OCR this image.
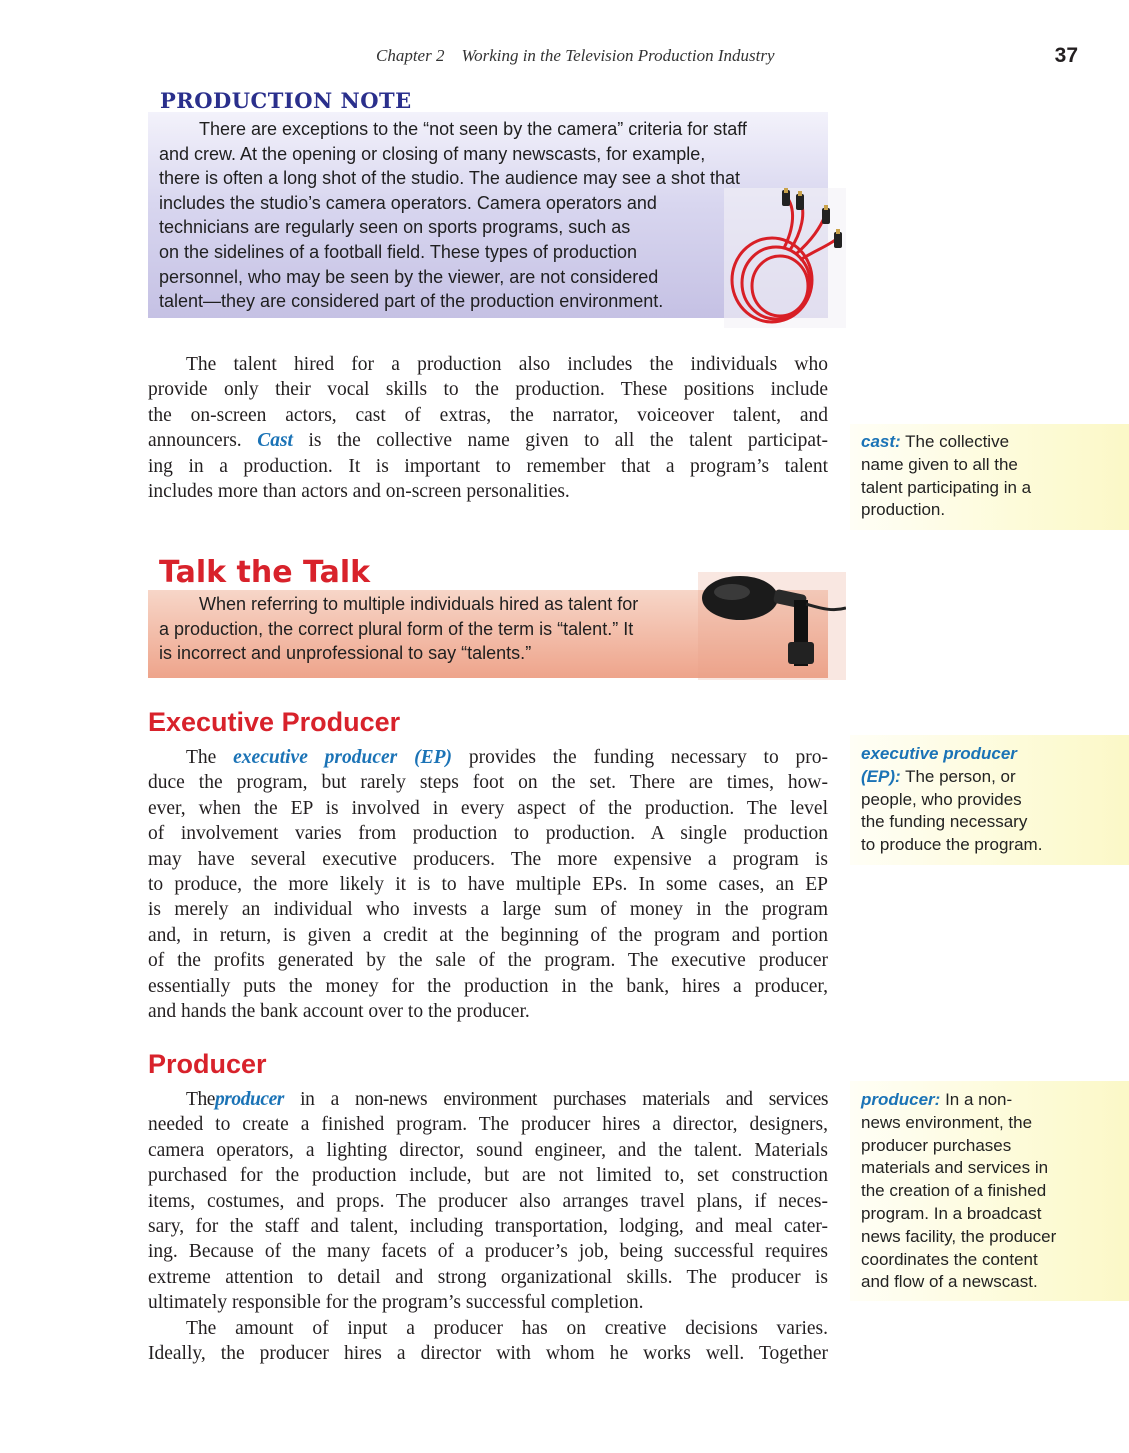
Chapter 2    Working in the Television Production Industry	37
PRODUCTION NOTE
There are exceptions to the “not seen by the camera” criteria for staff
and crew. At the opening or closing of many newscasts, for example,
there is often a long shot of the studio. The audience may see a shot that
includes the studio’s camera operators. Camera operators and
technicians are regularly seen on sports programs, such as
on the sidelines of a football field. These types of production
personnel, who may be seen by the viewer, are not considered
talent—they are considered part of the production environment.
The talent hired for a production also includes the individuals who
provide only their vocal skills to the production. These positions include
the on-screen actors, cast of extras, the narrator, voiceover talent, and
announcers. Cast is the collective name given to all the talent participat-
ing in a production. It is important to remember that a program’s talent
includes more than actors and on-screen personalities.
cast: The collective
name given to all the
talent participating in a
production.
Talk the Talk
When referring to multiple individuals hired as talent for
a production, the correct plural form of the term is “talent.” It
is incorrect and unprofessional to say “talents.”
Executive Producer
The executive producer (EP) provides the funding necessary to pro-
duce the program, but rarely steps foot on the set. There are times, how-
ever, when the EP is involved in every aspect of the production. The level
of involvement varies from production to production. A single production
may have several executive producers. The more expensive a program is
to produce, the more likely it is to have multiple EPs. In some cases, an EP
is merely an individual who invests a large sum of money in the program
and, in return, is given a credit at the beginning of the program and portion
of the profits generated by the sale of the program. The executive producer
essentially puts the money for the production in the bank, hires a producer,
and hands the bank account over to the producer.
executive producer
(EP): The person, or
people, who provides
the funding necessary
to produce the program.
Producer
Theproducer in a non-news environment purchases materials and services
needed to create a finished program. The producer hires a director, designers,
camera operators, a lighting director, sound engineer, and the talent. Materials
purchased for the production include, but are not limited to, set construction
items, costumes, and props. The producer also arranges travel plans, if neces-
sary, for the staff and talent, including transportation, lodging, and meal cater-
ing. Because of the many facets of a producer’s job, being successful requires
extreme attention to detail and strong organizational skills. The producer is
ultimately responsible for the program’s successful completion.
The amount of input a producer has on creative decisions varies.
Ideally, the producer hires a director with whom he works well. Together
producer: In a non-
news environment, the
producer purchases
materials and services in
the creation of a finished
program. In a broadcast
news facility, the producer
coordinates the content
and flow of a newscast.
